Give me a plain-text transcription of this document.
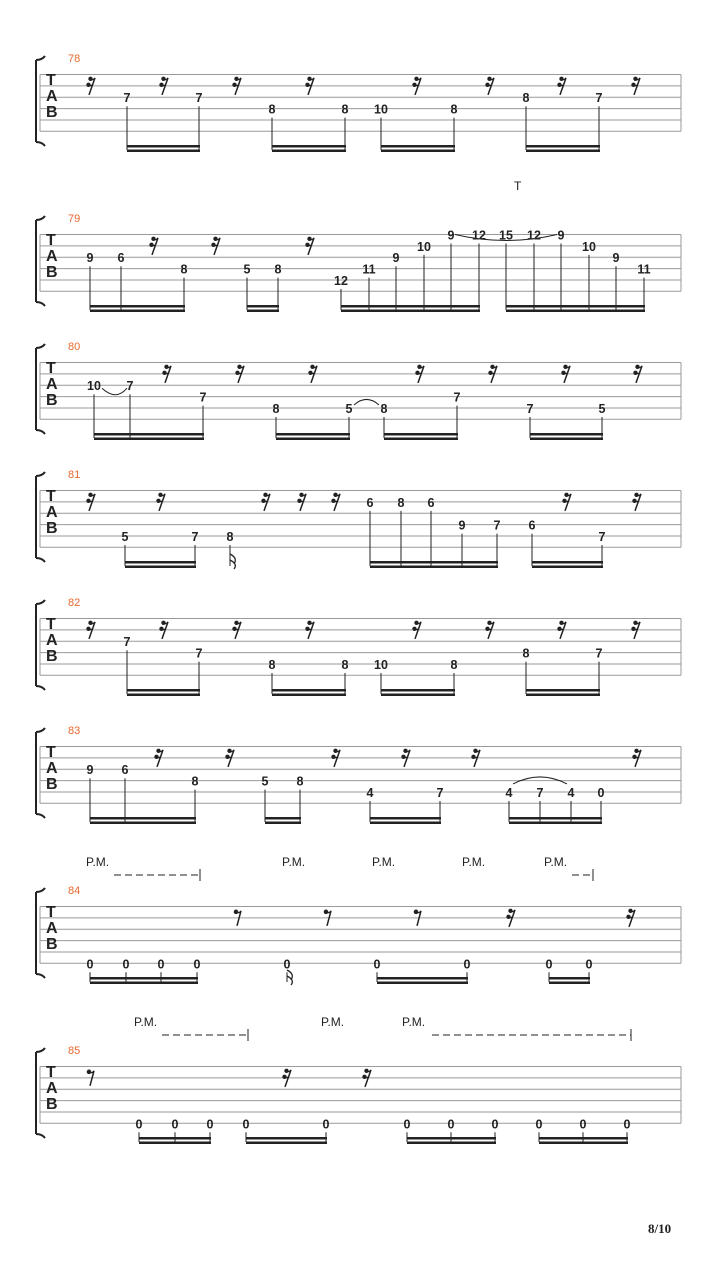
78
T
A
B
7	7
8	8 10	8
8	7
79
T
A
B
T
9 6
8	5 8
12
11
9
10
9 12 15 12 9
10
9
11
80
T
A
B
10 7
7
8	5 8
7
7	5
81
T
A
B
5	7 8
6 8 6
9 7 6
7
82
T
A
B
7
7
8	8 10	8
8	7
83
T
A
B
9 6
8	5 8
4	7	4 7 4 0
84
T
A
B
P.M.	P.M.	P.M.	P.M.	P.M.
0 0 0 0	0	0	0	0	0
85
T
A
B
P.M.	P.M.	P.M.
0 0 0 0	0	0	0	0	0	0	0
8/10
